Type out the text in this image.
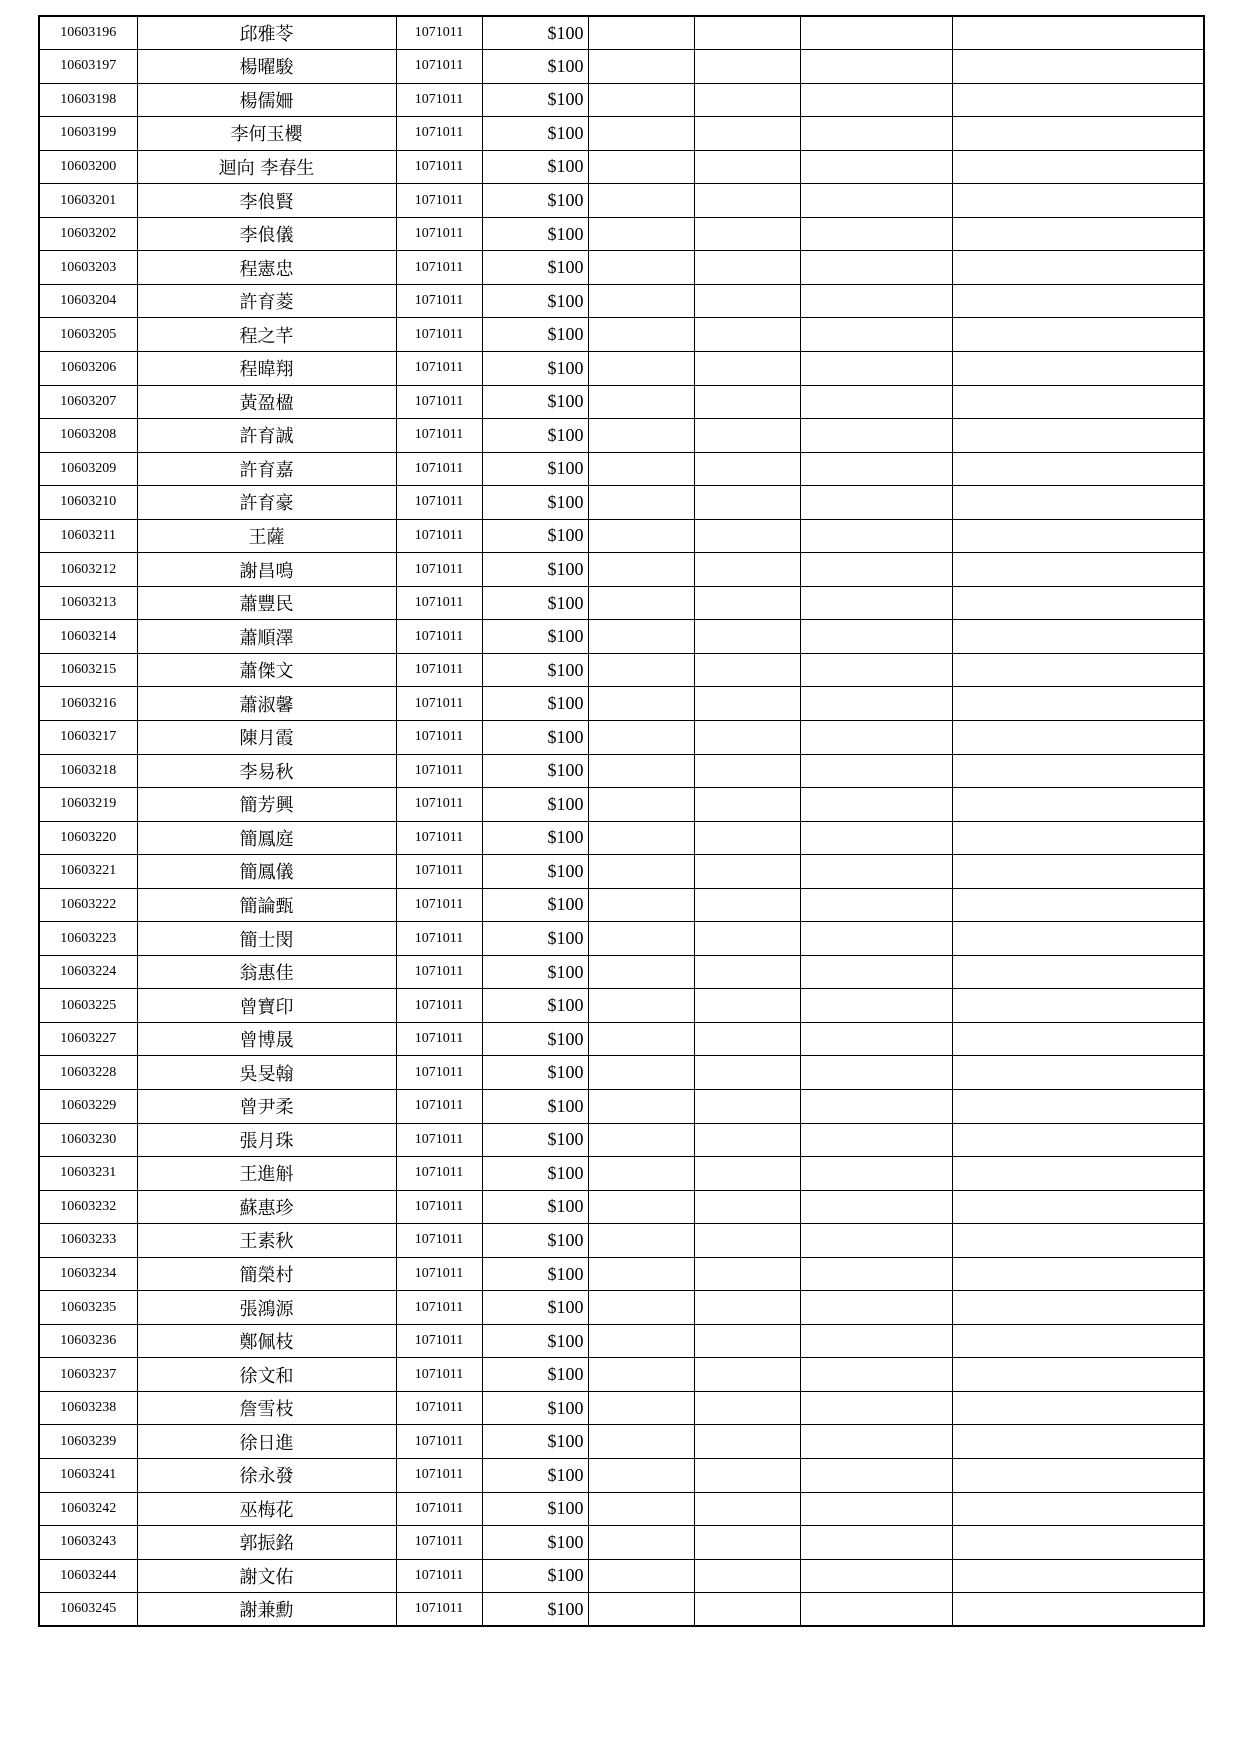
10603196	邱雅苓	1071011	$100				
10603197	楊曜駿	1071011	$100				
10603198	楊儒姍	1071011	$100				
10603199	李何玉櫻	1071011	$100				
10603200	迴向 李春生	1071011	$100				
10603201	李俍賢	1071011	$100				
10603202	李俍儀	1071011	$100				
10603203	程憲忠	1071011	$100				
10603204	許育菱	1071011	$100				
10603205	程之芊	1071011	$100				
10603206	程暐翔	1071011	$100				
10603207	黃盈楹	1071011	$100				
10603208	許育誠	1071011	$100				
10603209	許育嘉	1071011	$100				
10603210	許育豪	1071011	$100				
10603211	王薩	1071011	$100				
10603212	謝昌鳴	1071011	$100				
10603213	蕭豐民	1071011	$100				
10603214	蕭順澤	1071011	$100				
10603215	蕭傑文	1071011	$100				
10603216	蕭淑馨	1071011	$100				
10603217	陳月霞	1071011	$100				
10603218	李易秋	1071011	$100				
10603219	簡芳興	1071011	$100				
10603220	簡鳳庭	1071011	$100				
10603221	簡鳳儀	1071011	$100				
10603222	簡論甄	1071011	$100				
10603223	簡士閔	1071011	$100				
10603224	翁惠佳	1071011	$100				
10603225	曾寶印	1071011	$100				
10603227	曾博晟	1071011	$100				
10603228	吳旻翰	1071011	$100				
10603229	曾尹柔	1071011	$100				
10603230	張月珠	1071011	$100				
10603231	王進斛	1071011	$100				
10603232	蘇惠珍	1071011	$100				
10603233	王素秋	1071011	$100				
10603234	簡榮村	1071011	$100				
10603235	張鴻源	1071011	$100				
10603236	鄭佩枝	1071011	$100				
10603237	徐文和	1071011	$100				
10603238	詹雪枝	1071011	$100				
10603239	徐日進	1071011	$100				
10603241	徐永發	1071011	$100				
10603242	巫梅花	1071011	$100				
10603243	郭振銘	1071011	$100				
10603244	謝文佑	1071011	$100				
10603245	謝兼勳	1071011	$100				
